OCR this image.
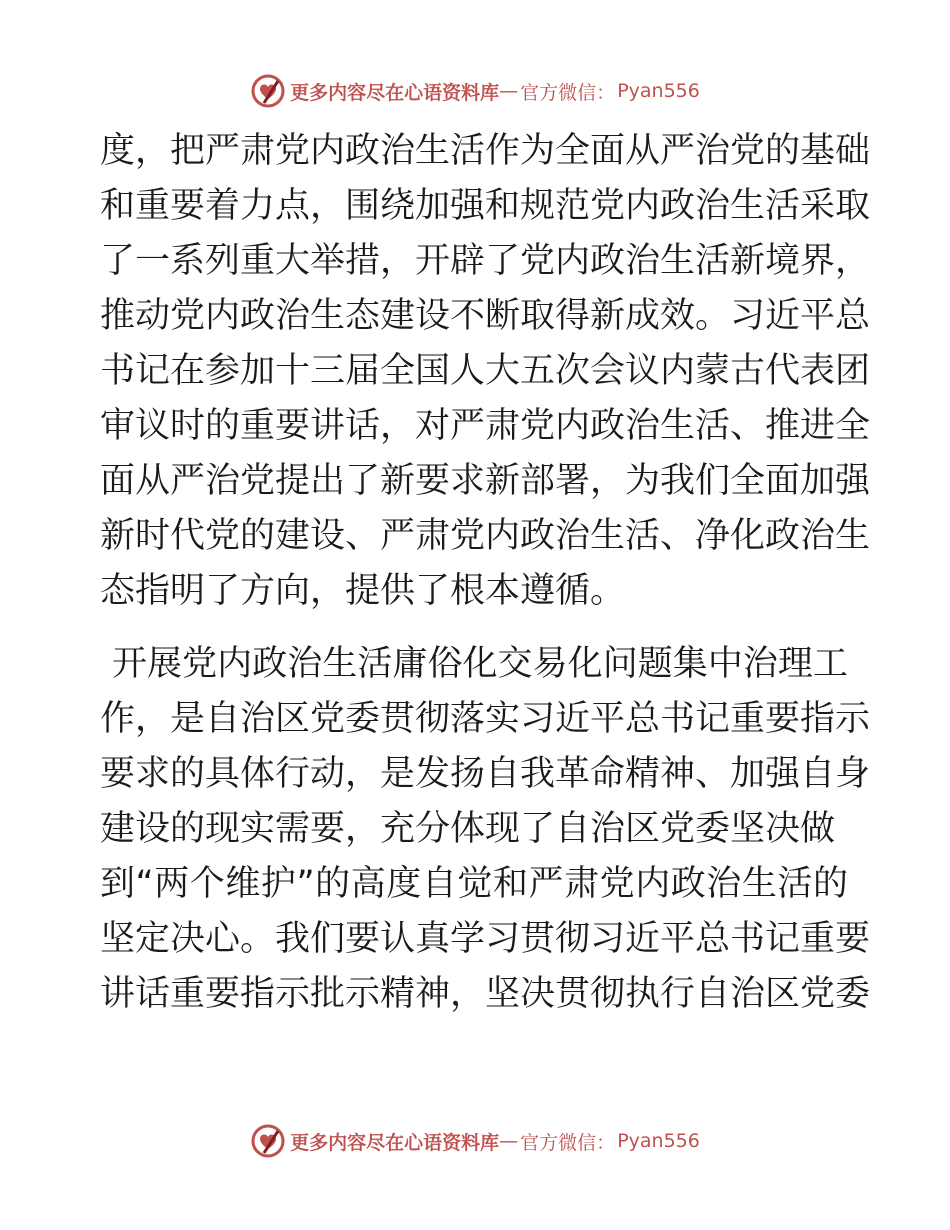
更多内容尽在心语资料库 — 官方微信： Pyan556
度，把严肃党内政治生活作为全面从严治党的基础
和重要着力点，围绕加强和规范党内政治生活采取
了一系列重大举措，开辟了党内政治生活新境界，
推动党内政治生态建设不断取得新成效。习近平总
书记在参加十三届全国人大五次会议内蒙古代表团
审议时的重要讲话，对严肃党内政治生活、推进全
面从严治党提出了新要求新部署，为我们全面加强
新时代党的建设、严肃党内政治生活、净化政治生
态指明了方向，提供了根本遵循。
开展党内政治生活庸俗化交易化问题集中治理工
作，是自治区党委贯彻落实习近平总书记重要指示
要求的具体行动，是发扬自我革命精神、加强自身
建设的现实需要，充分体现了自治区党委坚决做
到“两个维护”的高度自觉和严肃党内政治生活的
坚定决心。我们要认真学习贯彻习近平总书记重要
讲话重要指示批示精神，坚决贯彻执行自治区党委
更多内容尽在心语资料库 — 官方微信： Pyan556
